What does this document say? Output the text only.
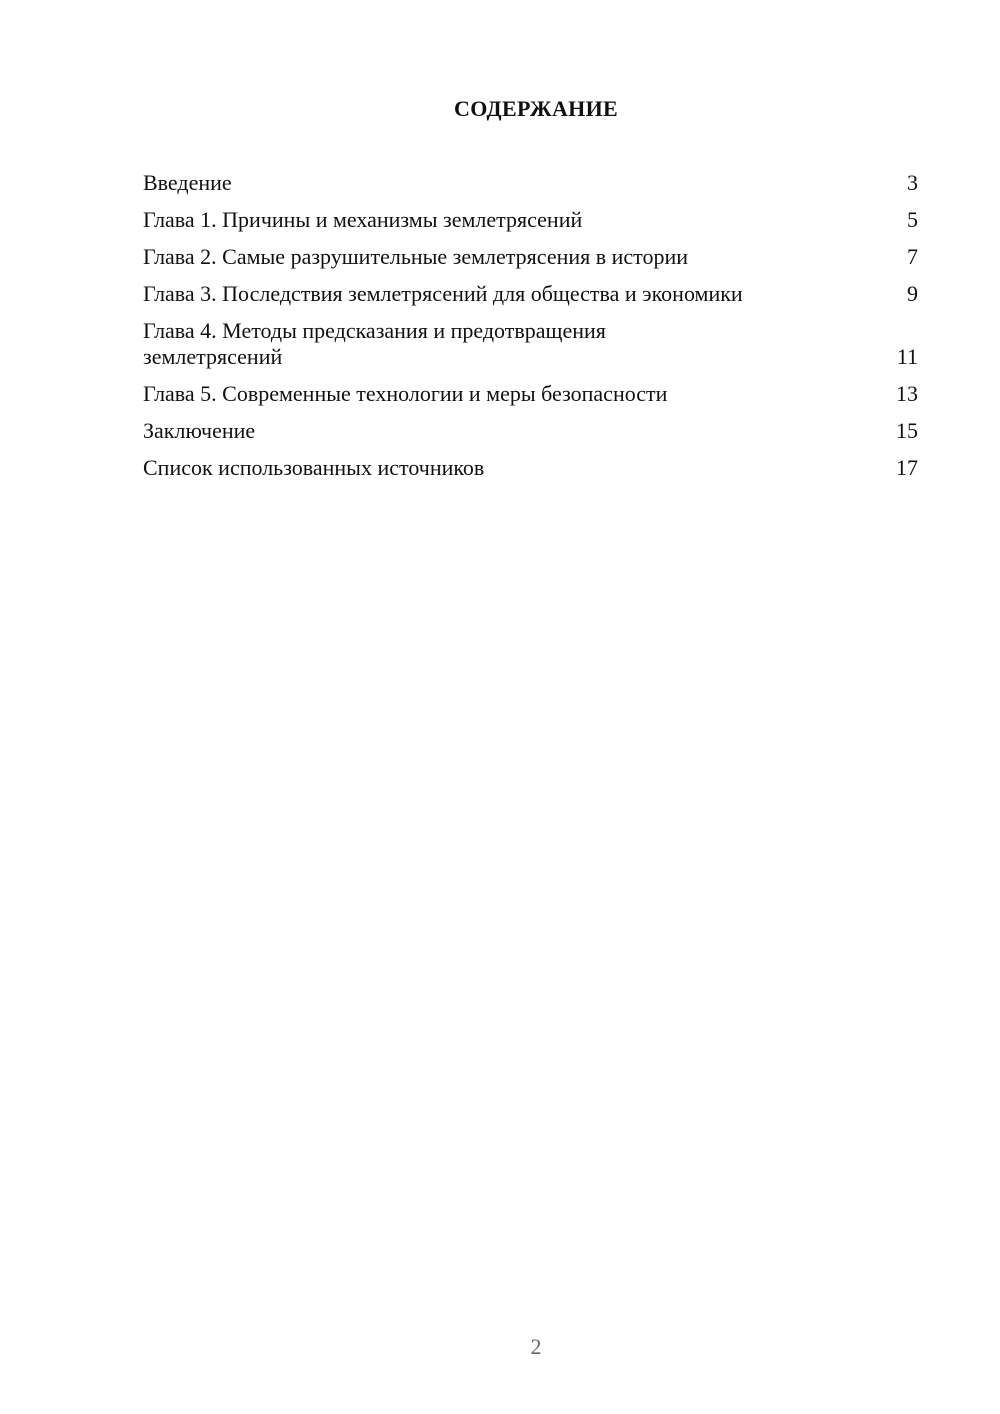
СОДЕРЖАНИЕ
Введение	3
Глава 1. Причины и механизмы землетрясений	5
Глава 2. Самые разрушительные землетрясения в истории	7
Глава 3. Последствия землетрясений для общества и экономики	9
Глава 4. Методы предсказания и предотвращения землетрясений	11
Глава 5. Современные технологии и меры безопасности	13
Заключение	15
Список использованных источников	17
2
